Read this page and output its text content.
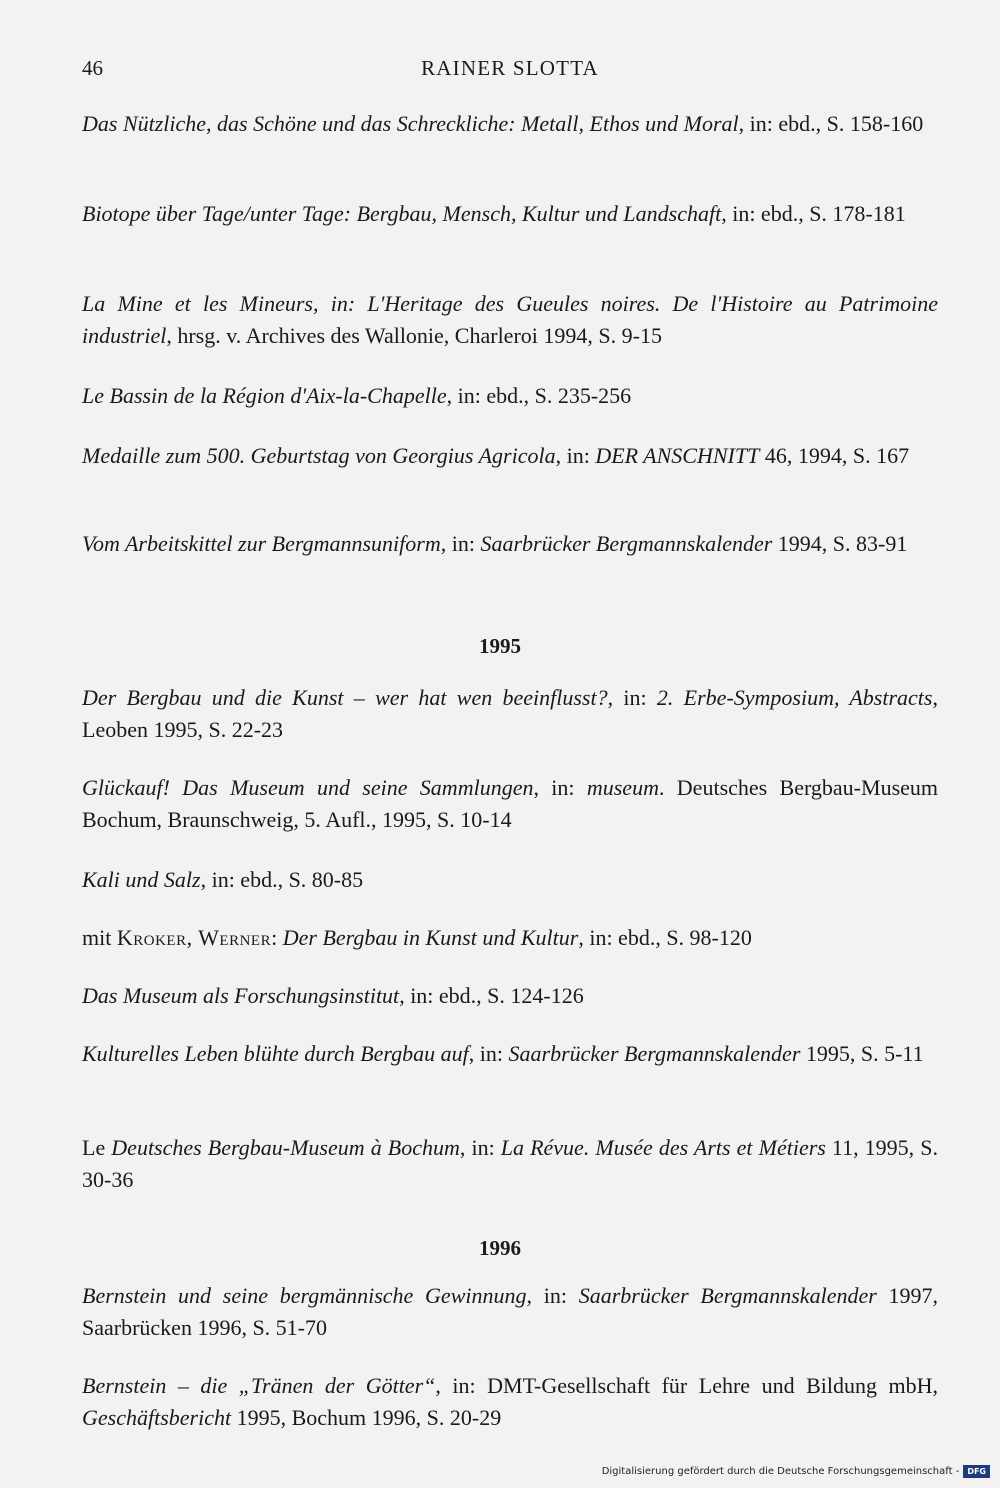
46	RAINER SLOTTA
Das Nützliche, das Schöne und das Schreckliche: Metall, Ethos und Moral, in: ebd., S. 158-160
Biotope über Tage/unter Tage: Bergbau, Mensch, Kultur und Landschaft, in: ebd., S. 178-181
La Mine et les Mineurs, in: L'Heritage des Gueules noires. De l'Histoire au Patrimoine industriel, hrsg. v. Archives des Wallonie, Charleroi 1994, S. 9-15
Le Bassin de la Région d'Aix-la-Chapelle, in: ebd., S. 235-256
Medaille zum 500. Geburtstag von Georgius Agricola, in: DER ANSCHNITT 46, 1994, S. 167
Vom Arbeitskittel zur Bergmannsuniform, in: Saarbrücker Bergmannskalender 1994, S. 83-91
1995
Der Bergbau und die Kunst – wer hat wen beeinflusst?, in: 2. Erbe-Symposium, Abstracts, Leoben 1995, S. 22-23
Glückauf! Das Museum und seine Sammlungen, in: museum. Deutsches Bergbau-Museum Bochum, Braunschweig, 5. Aufl., 1995, S. 10-14
Kali und Salz, in: ebd., S. 80-85
mit Kroker, Werner: Der Bergbau in Kunst und Kultur, in: ebd., S. 98-120
Das Museum als Forschungsinstitut, in: ebd., S. 124-126
Kulturelles Leben blühte durch Bergbau auf, in: Saarbrücker Bergmannskalender 1995, S. 5-11
Le Deutsches Bergbau-Museum à Bochum, in: La Révue. Musée des Arts et Métiers 11, 1995, S. 30-36
1996
Bernstein und seine bergmännische Gewinnung, in: Saarbrücker Bergmannskalender 1997, Saarbrücken 1996, S. 51-70
Bernstein – die „Tränen der Götter“, in: DMT-Gesellschaft für Lehre und Bildung mbH, Geschäftsbericht 1995, Bochum 1996, S. 20-29
Digitalisierung gefördert durch die Deutsche Forschungsgemeinschaft -	DFG
